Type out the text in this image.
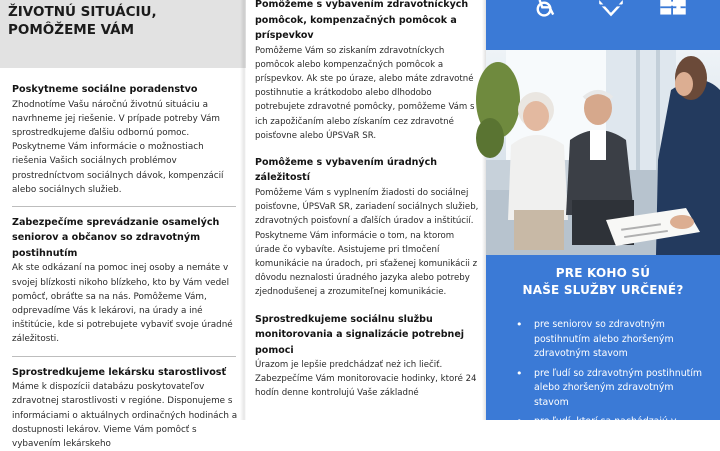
ŽIVOTNÚ SITUÁCIU,
POMÔŽEME VÁM
Poskytneme sociálne poradenstvo
Zhodnotíme Vašu náročnú životnú situáciu a navrhneme jej riešenie. V prípade potreby Vám sprostredkujeme ďalšiu odbornú pomoc. Poskytneme Vám informácie o možnostiach riešenia Vašich sociálnych problémov prostredníctvom sociálnych dávok, kompenzácií alebo sociálnych služieb.
Zabezpečíme sprevádzanie osamelých seniorov a občanov so zdravotným postihnutím
Ak ste odkázaní na pomoc inej osoby a nemáte v svojej blízkosti nikoho blízkeho, kto by Vám vedel pomôcť, obráťte sa na nás. Pomôžeme Vám, odprevadíme Vás k lekárovi, na úrady a iné inštitúcie, kde si potrebujete vybaviť svoje úradné záležitosti.
Sprostredkujeme lekársku starostlivosť
Máme k dispozícii databázu poskytovateľov zdravotnej starostlivosti v regióne. Disponujeme s informáciami o aktuálnych ordinačných hodinách a dostupnosti lekárov. Vieme Vám pomôcť s vybavením lekárskeho
Pomôžeme s vybavením zdravotníckych pomôcok, kompenzačných pomôcok a príspevkov
Pomôžeme Vám so ziskaním zdravotníckych pomôcok alebo kompenzačných pomôcok a príspevkov. Ak ste po úraze, alebo máte zdravotné postihnutie a krátkodobo alebo dlhodobo potrebujete zdravotné pomôcky, pomôžeme Vám s ich zapožičaním alebo získaním cez zdravotné poisťovne alebo ÚPSVaR SR.
Pomôžeme s vybavením úradných záležitostí
Pomôžeme Vám s vyplnením žiadosti do sociálnej poisťovne, ÚPSVaR SR, zariadení sociálnych služieb, zdravotných poisťovní a ďalších úradov a inštitúcií. Poskytneme Vám informácie o tom, na ktorom úrade čo vybavíte. Asistujeme pri tlmočení komunikácie na úradoch, pri sťaženej komunikácii z dôvodu neznalosti úradného jazyka alebo potreby zjednodušenej a zrozumiteľnej komunikácie.
Sprostredkujeme sociálnu službu monitorovania a signalizácie potrebnej pomoci
Úrazom je lepšie predchádzať neż ich liečiť. Zabezpečíme Vám monitorovacie hodinky, ktoré 24 hodín denne kontrolujú Vaše základné
PRE KOHO SÚ
NAŠE SLUŽBY URČENÉ?
• pre seniorov so zdravotným postihnutím alebo zhoršeným zdravotným stavom
• pre ľudí so zdravotným postihnutím alebo zhoršeným zdravotným stavom
• pre ľudí, ktorí sa nachádzajú v
